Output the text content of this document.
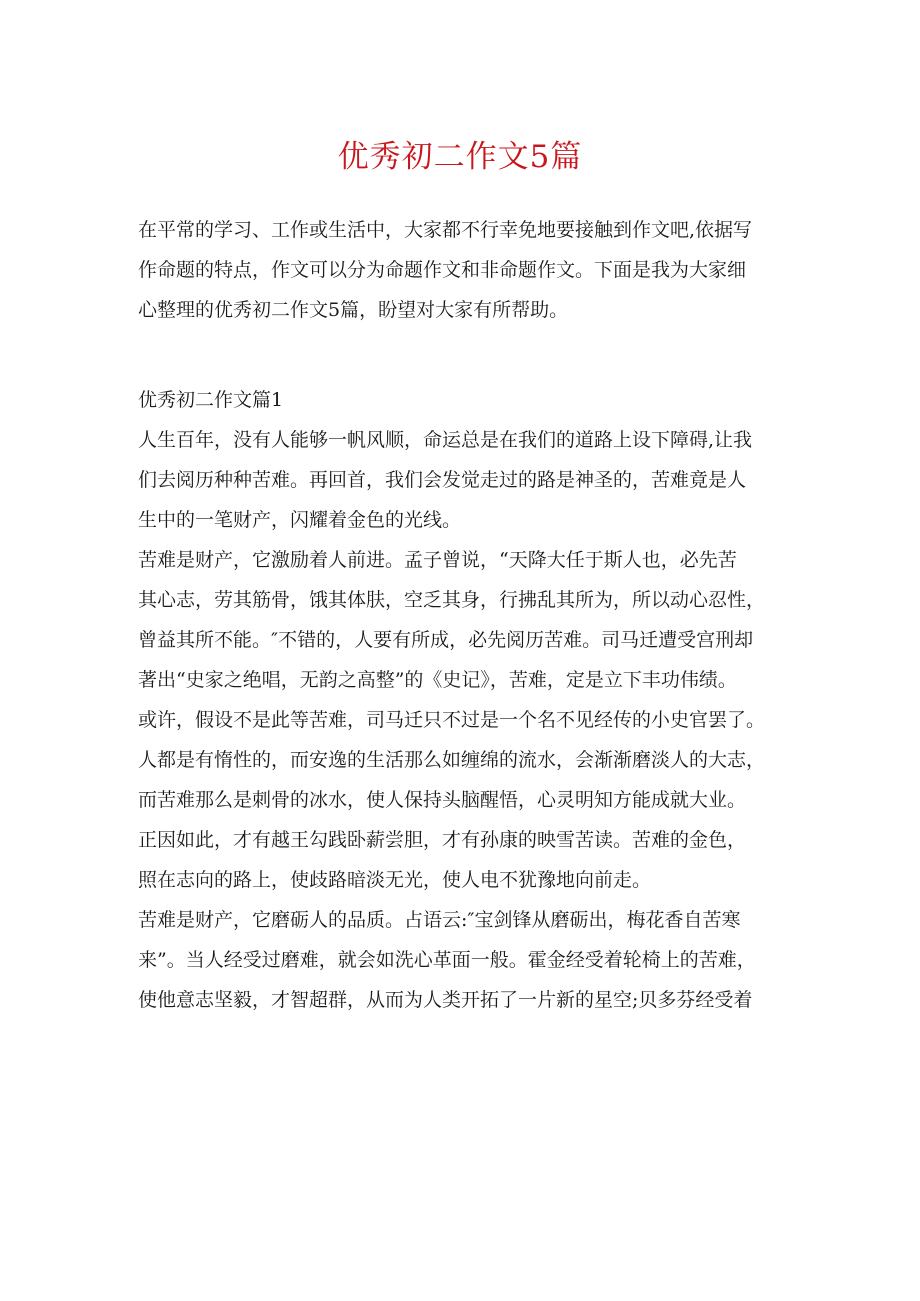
优秀初二作文5篇

在平常的学习、工作或生活中，大家都不行幸免地要接触到作文吧,依据写
作命题的特点，作文可以分为命题作文和非命题作文。下面是我为大家细
心整理的优秀初二作文5篇，盼望对大家有所帮助。

优秀初二作文篇1

人生百年，没有人能够一帆风顺，命运总是在我们的道路上设下障碍,让我
们去阅历种种苦难。再回首，我们会发觉走过的路是神圣的，苦难竟是人
生中的一笔财产，闪耀着金色的光线。

苦难是财产，它激励着人前进。孟子曾说，“天降大任于斯人也，必先苦
其心志，劳其筋骨，饿其体肤，空乏其身，行拂乱其所为，所以动心忍性，
曾益其所不能。″不错的，人要有所成，必先阅历苦难。司马迁遭受宫刑却
著出“史家之绝唱，无韵之高整”的《史记》，苦难，定是立下丰功伟绩。
或许，假设不是此等苦难，司马迁只不过是一个名不见经传的小史官罢了。
人都是有惰性的，而安逸的生活那么如缠绵的流水，会渐渐磨淡人的大志，
而苦难那么是刺骨的冰水，使人保持头脑醒悟，心灵明知方能成就大业。
正因如此，才有越王勾践卧薪尝胆，才有孙康的映雪苦读。苦难的金色，
照在志向的路上，使歧路暗淡无光，使人电不犹豫地向前走。

苦难是财产，它磨砺人的品质。占语云:″宝剑锋从磨砺出，梅花香自苦寒
来”。当人经受过磨难，就会如洗心革面一般。霍金经受着轮椅上的苦难，
使他意志坚毅，才智超群，从而为人类开拓了一片新的星空;贝多芬经受着
